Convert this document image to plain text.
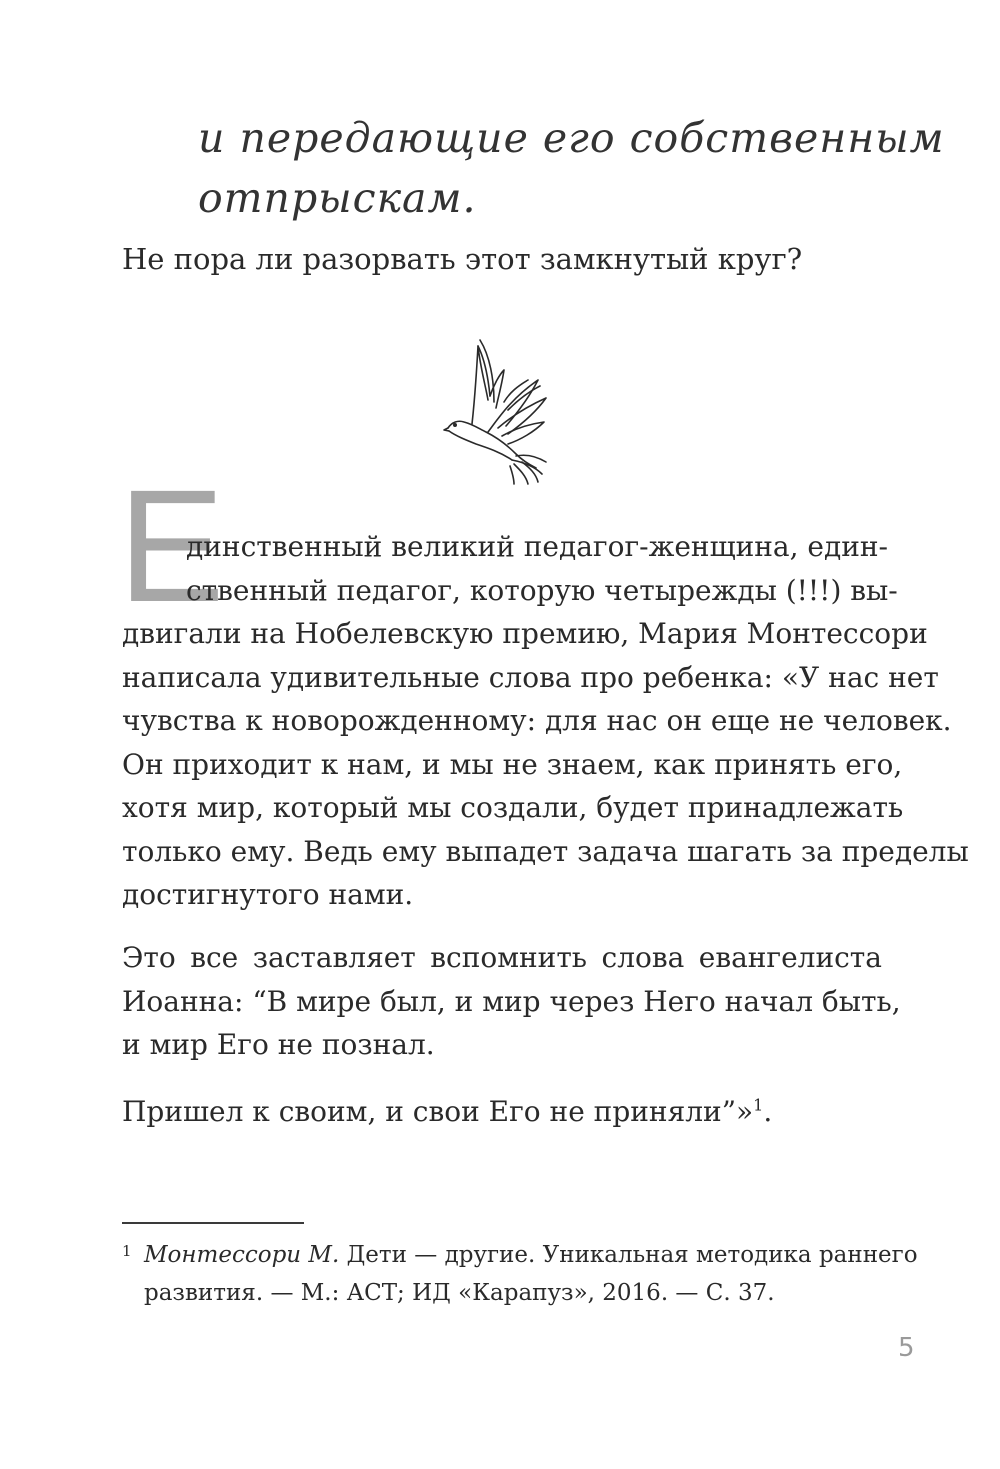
и передающие его собственным
отпрыскам.
Не пора ли разорвать этот замкнутый круг?
Е
динственный великий педагог-женщина, един-
ственный педагог, которую четырежды (!!!) вы-
двигали на Нобелевскую премию, Мария Монтессори
написала удивительные слова про ребенка: «У нас нет
чувства к новорожденному: для нас он еще не человек.
Он приходит к нам, и мы не знаем, как принять его,
хотя мир, который мы создали, будет принадлежать
только ему. Ведь ему выпадет задача шагать за пределы
достигнутого нами.
Это все заставляет вспомнить слова евангелиста
Иоанна: “В мире был, и мир через Него начал быть,
и мир Его не познал.
Пришел к своим, и свои Его не приняли”»$^1$.
1 Монтессори М. Дети — другие. Уникальная методика раннего
развития. — М.: АСТ; ИД «Карапуз», 2016. — С. 37.
5
